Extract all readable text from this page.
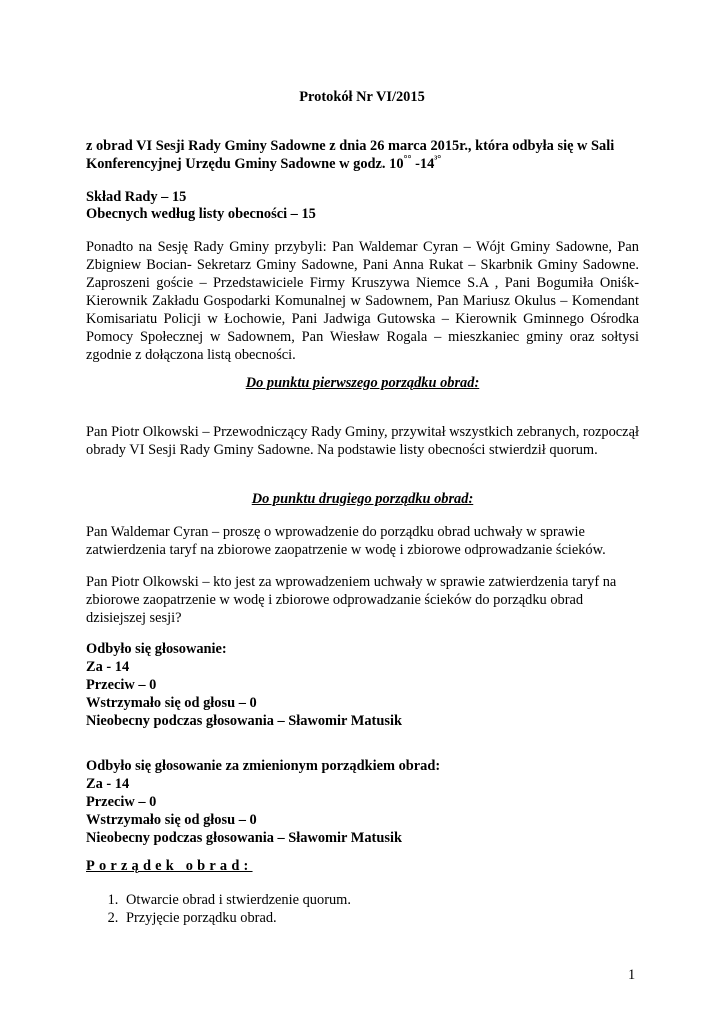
Protokół Nr VI/2015
z obrad VI Sesji Rady Gminy Sadowne z dnia 26 marca 2015r., która odbyła się w Sali Konferencyjnej Urzędu Gminy Sadowne w godz. 10°° $-14^{^3^\circ}$
Skład Rady – 15
Obecnych według listy obecności – 15
Ponadto na Sesję Rady Gminy przybyli: Pan Waldemar Cyran – Wójt Gminy Sadowne, Pan Zbigniew Bocian- Sekretarz Gminy Sadowne, Pani Anna Rukat – Skarbnik Gminy Sadowne. Zaproszeni goście – Przedstawiciele Firmy Kruszywa Niemce S.A , Pani Bogumiła Oniśk- Kierownik Zakładu Gospodarki Komunalnej w Sadownem, Pan Mariusz Okulus – Komendant Komisariatu Policji w Łochowie, Pani Jadwiga Gutowska – Kierownik Gminnego Ośrodka Pomocy Społecznej w Sadownem, Pan Wiesław Rogala – mieszkaniec gminy oraz sołtysi zgodnie z dołączona listą obecności.
Do punktu pierwszego porządku obrad:
Pan Piotr Olkowski – Przewodniczący Rady Gminy, przywitał wszystkich zebranych, rozpoczął obrady VI Sesji Rady Gminy Sadowne. Na podstawie listy obecności stwierdził quorum.
Do punktu drugiego porządku obrad:
Pan Waldemar Cyran – proszę o wprowadzenie do porządku obrad uchwały w sprawie zatwierdzenia taryf na zbiorowe zaopatrzenie w wodę i zbiorowe odprowadzanie ścieków.
Pan Piotr Olkowski – kto jest za wprowadzeniem uchwały w sprawie zatwierdzenia taryf na zbiorowe zaopatrzenie w wodę i zbiorowe odprowadzanie ścieków do porządku obrad dzisiejszej sesji?
Odbyło się głosowanie:
Za - 14
Przeciw – 0
Wstrzymało się od głosu – 0
Nieobecny podczas głosowania – Sławomir Matusik
Odbyło się głosowanie za zmienionym porządkiem obrad:
Za - 14
Przeciw – 0
Wstrzymało się od głosu – 0
Nieobecny podczas głosowania – Sławomir Matusik
Porządek obrad:
1. Otwarcie obrad i stwierdzenie quorum.
2. Przyjęcie porządku obrad.
1
